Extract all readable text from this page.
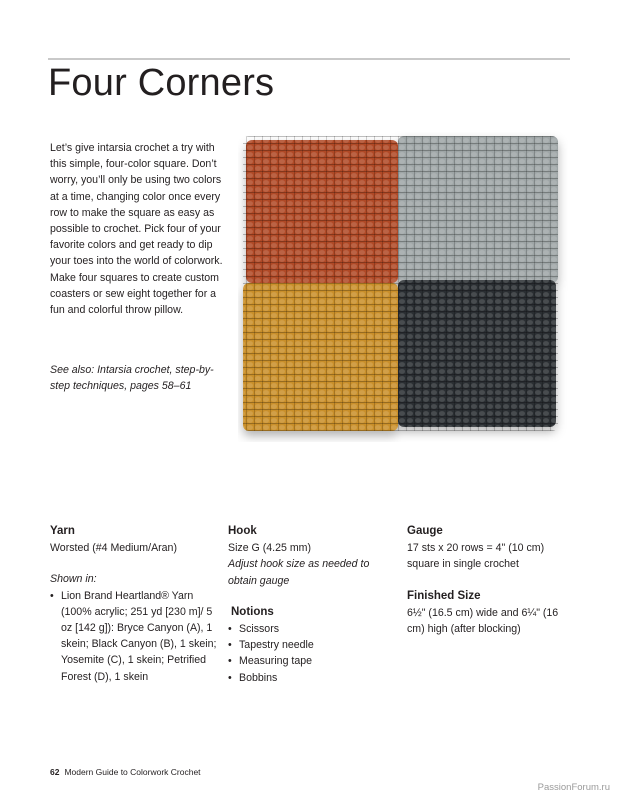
Four Corners

Let’s give intarsia crochet a try with this simple, four-color square. Don’t worry, you’ll only be using two colors at a time, changing color once every row to make the square as easy as possible to crochet. Pick four of your favorite colors and get ready to dip your toes into the world of colorwork. Make four squares to create custom coasters or sew eight together for a fun and colorful throw pillow.

See also: Intarsia crochet, step-by-step techniques, pages 58–61

Yarn
Worsted (#4 Medium/Aran)
Shown in:
• Lion Brand Heartland® Yarn (100% acrylic; 251 yd [230 m]/ 5 oz [142 g]): Bryce Canyon (A), 1 skein; Black Canyon (B), 1 skein; Yosemite (C), 1 skein; Petrified Forest (D), 1 skein
Hook
Size G (4.25 mm)
Adjust hook size as needed to obtain gauge
Notions
• Scissors
• Tapestry needle
• Measuring tape
• Bobbins
Gauge
17 sts x 20 rows = 4" (10 cm) square in single crochet
Finished Size
6½" (16.5 cm) wide and 6¼" (16 cm) high (after blocking)
62 Modern Guide to Colorwork Crochet
PassionForum.ru
